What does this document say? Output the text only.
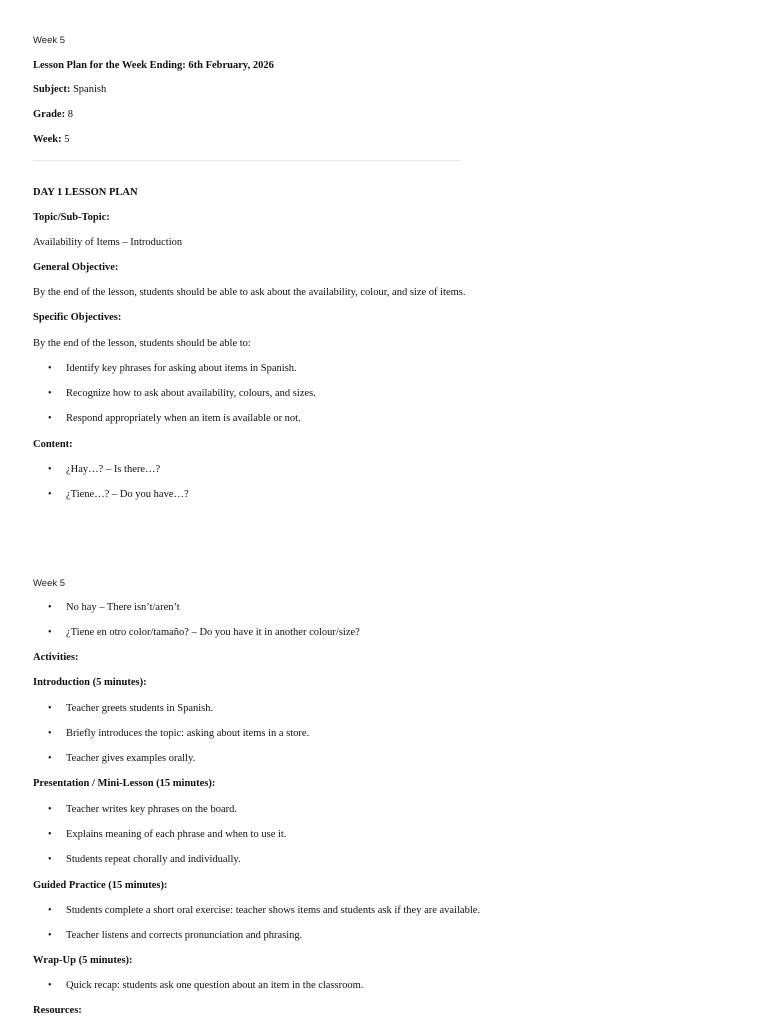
Week 5
Lesson Plan for the Week Ending: 6th February, 2026
Subject: Spanish
Grade: 8
Week: 5
DAY 1 LESSON PLAN
Topic/Sub-Topic:
Availability of Items – Introduction
General Objective:
By the end of the lesson, students should be able to ask about the availability, colour, and size of items.
Specific Objectives:
By the end of the lesson, students should be able to:
• Identify key phrases for asking about items in Spanish.
• Recognize how to ask about availability, colours, and sizes.
• Respond appropriately when an item is available or not.
Content:
• ¿Hay…? – Is there…?
• ¿Tiene…? – Do you have…?
Week 5
• No hay – There isn’t/aren’t
• ¿Tiene en otro color/tamaño? – Do you have it in another colour/size?
Activities:
Introduction (5 minutes):
• Teacher greets students in Spanish.
• Briefly introduces the topic: asking about items in a store.
• Teacher gives examples orally.
Presentation / Mini-Lesson (15 minutes):
• Teacher writes key phrases on the board.
• Explains meaning of each phrase and when to use it.
• Students repeat chorally and individually.
Guided Practice (15 minutes):
• Students complete a short oral exercise: teacher shows items and students ask if they are available.
• Teacher listens and corrects pronunciation and phrasing.
Wrap-Up (5 minutes):
• Quick recap: students ask one question about an item in the classroom.
Resources:
